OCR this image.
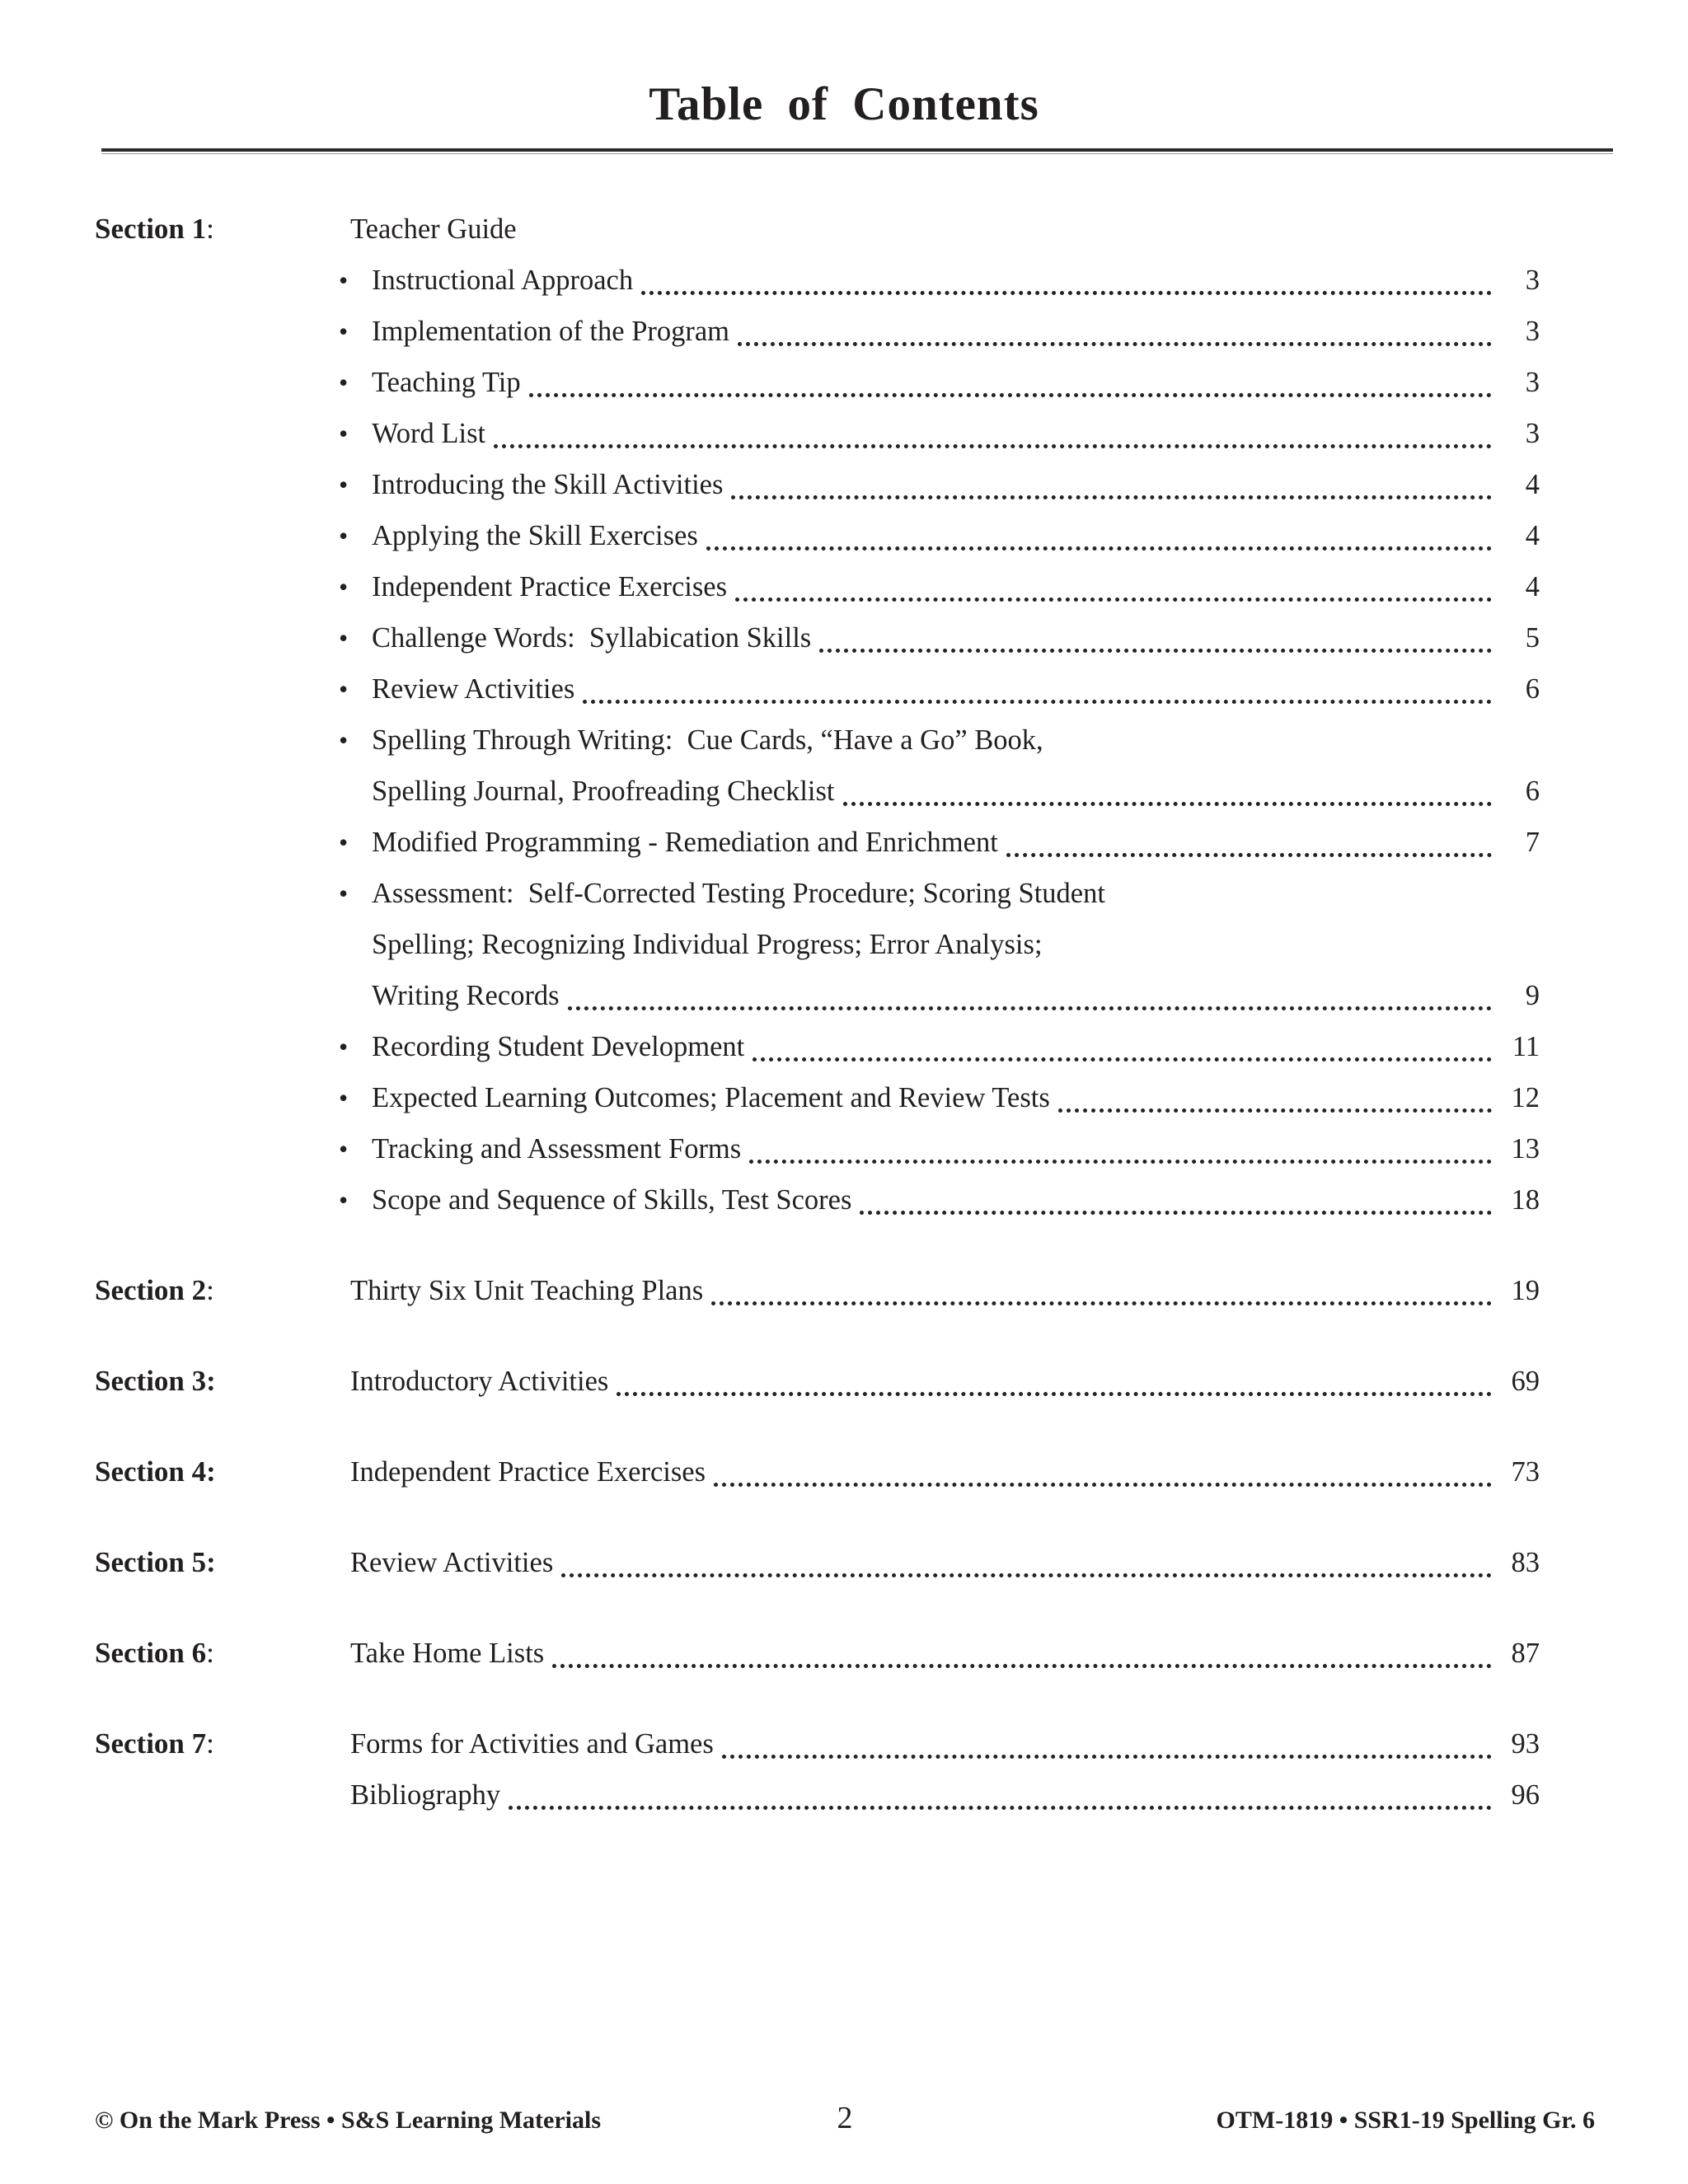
Table of Contents
Section 1:	Teacher Guide
• Instructional Approach	3
• Implementation of the Program	3
• Teaching Tip	3
• Word List	3
• Introducing the Skill Activities	4
• Applying the Skill Exercises	4
• Independent Practice Exercises	4
• Challenge Words:  Syllabication Skills	5
• Review Activities	6
• Spelling Through Writing:  Cue Cards, “Have a Go” Book,
Spelling Journal, Proofreading Checklist	6
• Modified Programming - Remediation and Enrichment	7
• Assessment:  Self-Corrected Testing Procedure; Scoring Student
Spelling; Recognizing Individual Progress; Error Analysis;
Writing Records	9
• Recording Student Development	11
• Expected Learning Outcomes; Placement and Review Tests	12
• Tracking and Assessment Forms	13
• Scope and Sequence of Skills, Test Scores	18
Section 2:	Thirty Six Unit Teaching Plans	19
Section 3:	Introductory Activities	69
Section 4:	Independent Practice Exercises	73
Section 5:	Review Activities	83
Section 6:	Take Home Lists	87
Section 7:	Forms for Activities and Games	93
Bibliography	96
© On the Mark Press • S&S Learning Materials	2	OTM-1819 • SSR1-19 Spelling Gr. 6
